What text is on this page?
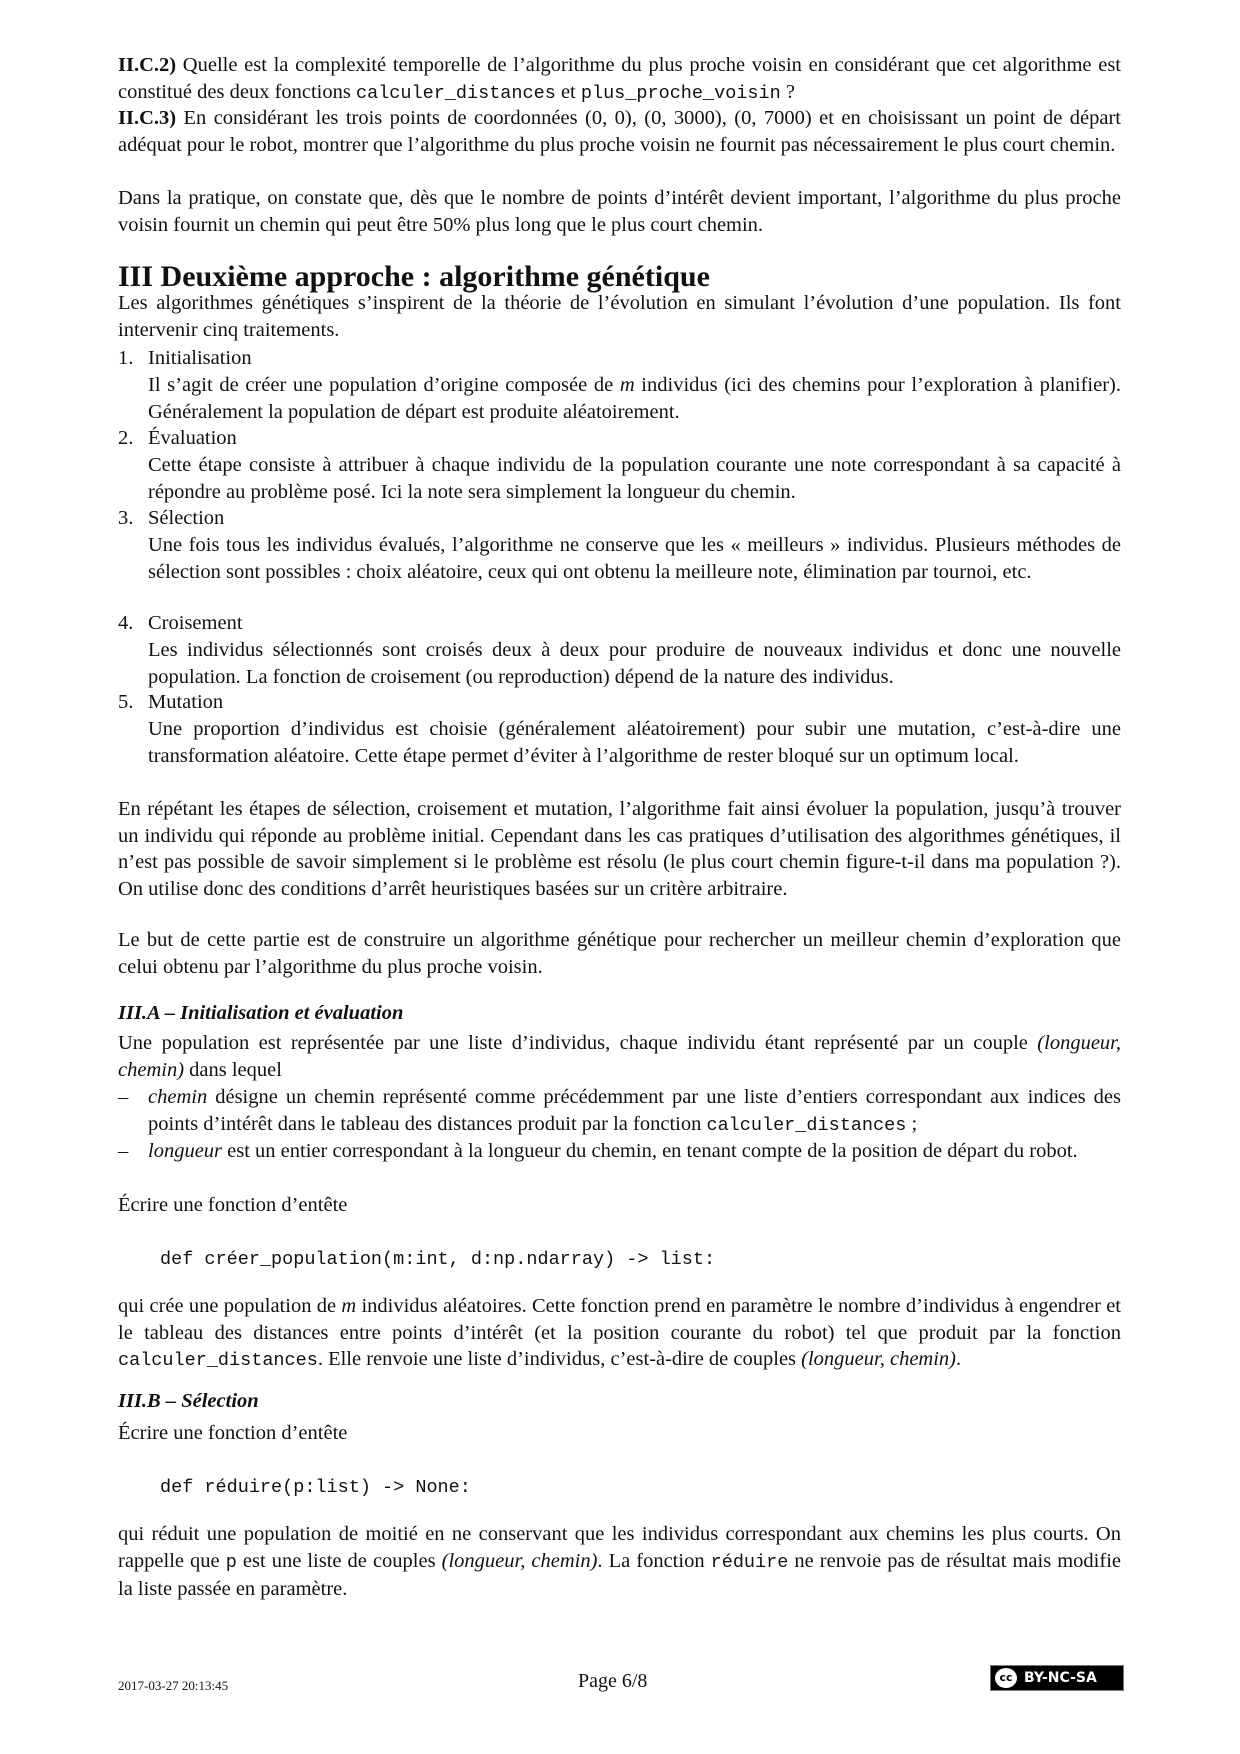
II.C.2) Quelle est la complexité temporelle de l’algorithme du plus proche voisin en considérant que cet algorithme est constitué des deux fonctions calculer_distances et plus_proche_voisin ?

II.C.3) En considérant les trois points de coordonnées (0, 0), (0, 3000), (0, 7000) et en choisissant un point de départ adéquat pour le robot, montrer que l’algorithme du plus proche voisin ne fournit pas nécessairement le plus court chemin.

Dans la pratique, on constate que, dès que le nombre de points d’intérêt devient important, l’algorithme du plus proche voisin fournit un chemin qui peut être 50% plus long que le plus court chemin.

III Deuxième approche : algorithme génétique

Les algorithmes génétiques s’inspirent de la théorie de l’évolution en simulant l’évolution d’une population. Ils font intervenir cinq traitements.

1. Initialisation

Il s’agit de créer une population d’origine composée de m individus (ici des chemins pour l’exploration à planifier). Généralement la population de départ est produite aléatoirement.

2. Évaluation

Cette étape consiste à attribuer à chaque individu de la population courante une note correspondant à sa capacité à répondre au problème posé. Ici la note sera simplement la longueur du chemin.

3. Sélection

Une fois tous les individus évalués, l’algorithme ne conserve que les « meilleurs » individus. Plusieurs méthodes de sélection sont possibles : choix aléatoire, ceux qui ont obtenu la meilleure note, élimination par tournoi, etc.

4. Croisement

Les individus sélectionnés sont croisés deux à deux pour produire de nouveaux individus et donc une nouvelle population. La fonction de croisement (ou reproduction) dépend de la nature des individus.

5. Mutation

Une proportion d’individus est choisie (généralement aléatoirement) pour subir une mutation, c’est-à-dire une transformation aléatoire. Cette étape permet d’éviter à l’algorithme de rester bloqué sur un optimum local.

En répétant les étapes de sélection, croisement et mutation, l’algorithme fait ainsi évoluer la population, jusqu’à trouver un individu qui réponde au problème initial. Cependant dans les cas pratiques d’utilisation des algorithmes génétiques, il n’est pas possible de savoir simplement si le problème est résolu (le plus court chemin figure-t-il dans ma population ?). On utilise donc des conditions d’arrêt heuristiques basées sur un critère arbitraire.

Le but de cette partie est de construire un algorithme génétique pour rechercher un meilleur chemin d’exploration que celui obtenu par l’algorithme du plus proche voisin.

III.A – Initialisation et évaluation

Une population est représentée par une liste d’individus, chaque individu étant représenté par un couple (longueur, chemin) dans lequel

– chemin désigne un chemin représenté comme précédemment par une liste d’entiers correspondant aux indices des points d’intérêt dans le tableau des distances produit par la fonction calculer_distances ;

– longueur est un entier correspondant à la longueur du chemin, en tenant compte de la position de départ du robot.

Écrire une fonction d’entête

def créer_population(m:int, d:np.ndarray) -> list:

qui crée une population de m individus aléatoires. Cette fonction prend en paramètre le nombre d’individus à engendrer et le tableau des distances entre points d’intérêt (et la position courante du robot) tel que produit par la fonction calculer_distances. Elle renvoie une liste d’individus, c’est-à-dire de couples (longueur, chemin).

III.B – Sélection

Écrire une fonction d’entête

def réduire(p:list) -> None:

qui réduit une population de moitié en ne conservant que les individus correspondant aux chemins les plus courts. On rappelle que p est une liste de couples (longueur, chemin). La fonction réduire ne renvoie pas de résultat mais modifie la liste passée en paramètre.

2017-03-27 20:13:45	Page 6/8	cc BY-NC-SA
